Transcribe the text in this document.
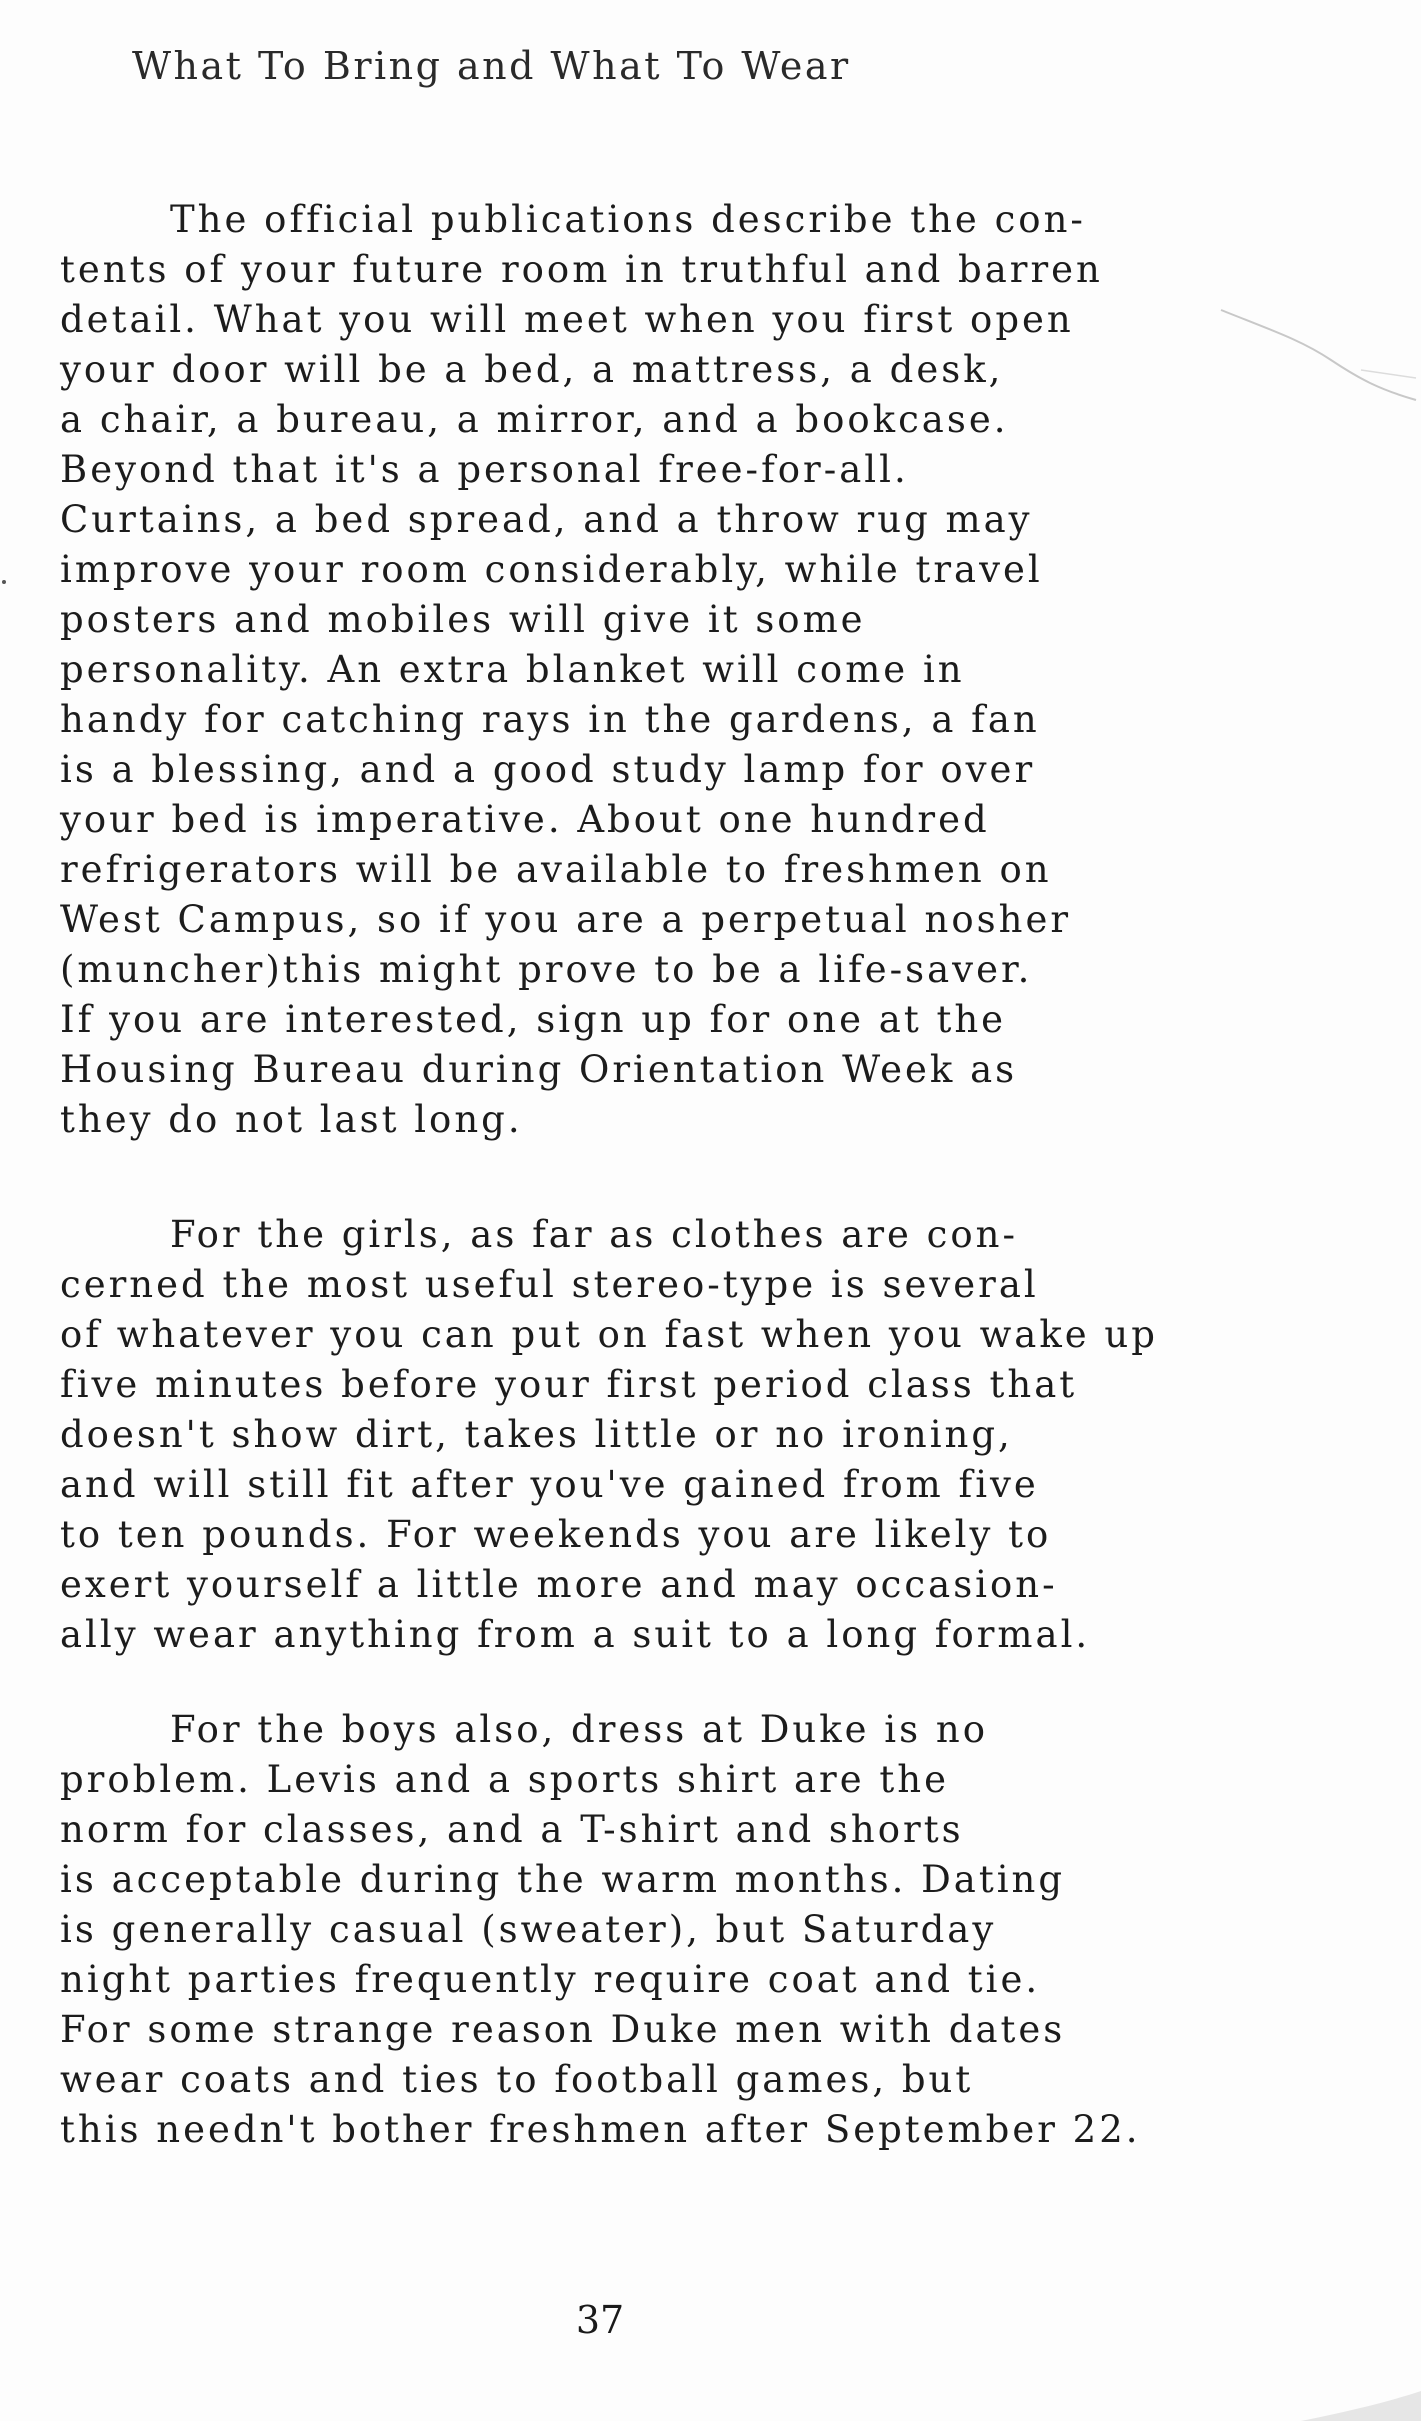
What To Bring and What To Wear
The official publications describe the con-
tents of your future room in truthful and barren
detail. What you will meet when you first open
your door will be a bed, a mattress, a desk,
a chair, a bureau, a mirror, and a bookcase.
Beyond that it's a personal free-for-all.
Curtains, a bed spread, and a throw rug may
improve your room considerably, while travel
posters and mobiles will give it some
personality. An extra blanket will come in
handy for catching rays in the gardens, a fan
is a blessing, and a good study lamp for over
your bed is imperative. About one hundred
refrigerators will be available to freshmen on
West Campus, so if you are a perpetual nosher
(muncher)this might prove to be a life-saver.
If you are interested, sign up for one at the
Housing Bureau during Orientation Week as
they do not last long.
For the girls, as far as clothes are con-
cerned the most useful stereo-type is several
of whatever you can put on fast when you wake up
five minutes before your first period class that
doesn't show dirt, takes little or no ironing,
and will still fit after you've gained from five
to ten pounds. For weekends you are likely to
exert yourself a little more and may occasion-
ally wear anything from a suit to a long formal.
For the boys also, dress at Duke is no
problem. Levis and a sports shirt are the
norm for classes, and a T-shirt and shorts
is acceptable during the warm months. Dating
is generally casual (sweater), but Saturday
night parties frequently require coat and tie.
For some strange reason Duke men with dates
wear coats and ties to football games, but
this needn't bother freshmen after September 22.
37
